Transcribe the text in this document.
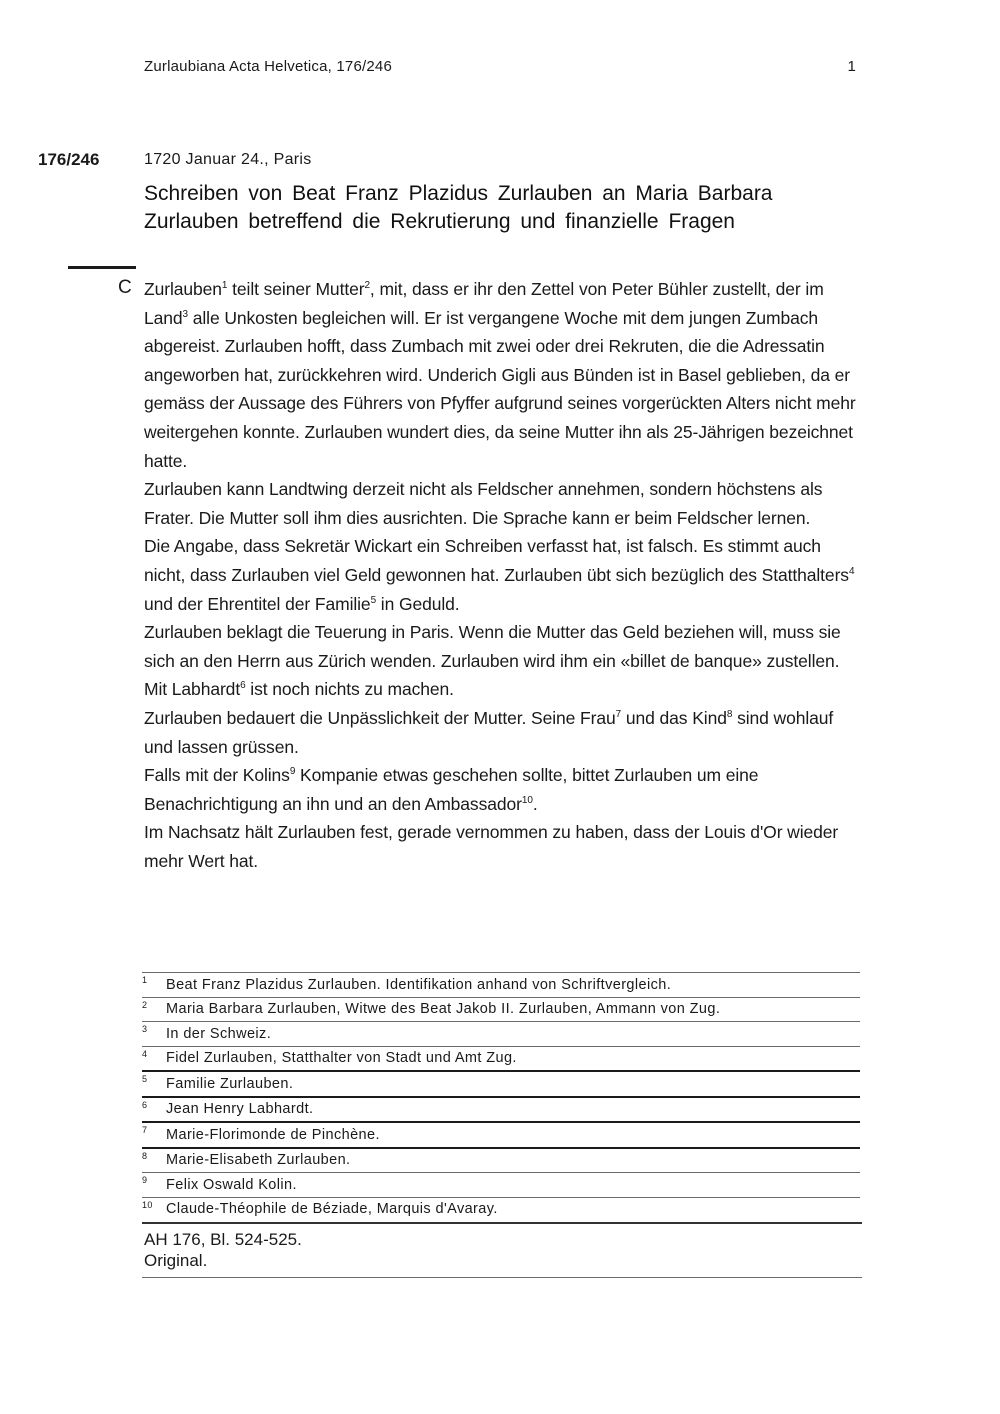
Zurlaubiana Acta Helvetica, 176/246	1
176/246	1720 Januar 24., Paris
Schreiben von Beat Franz Plazidus Zurlauben an Maria Barbara Zurlauben betreffend die Rekrutierung und finanzielle Fragen
C Zurlauben$^1$ teilt seiner Mutter$^2$, mit, dass er ihr den Zettel von Peter Bühler zustellt, der im Land$^3$ alle Unkosten begleichen will. Er ist vergangene Woche mit dem jungen Zumbach abgereist. Zurlauben hofft, dass Zumbach mit zwei oder drei Rekruten, die die Adressatin angeworben hat, zurückkehren wird. Underich Gigli aus Bünden ist in Basel geblieben, da er gemäss der Aussage des Führers von Pfyffer aufgrund seines vorgerückten Alters nicht mehr weitergehen konnte. Zurlauben wundert dies, da seine Mutter ihn als 25-Jährigen bezeichnet hatte.

Zurlauben kann Landtwing derzeit nicht als Feldscher annehmen, sondern höchstens als Frater. Die Mutter soll ihm dies ausrichten. Die Sprache kann er beim Feldscher lernen.

Die Angabe, dass Sekretär Wickart ein Schreiben verfasst hat, ist falsch. Es stimmt auch nicht, dass Zurlauben viel Geld gewonnen hat. Zurlauben übt sich bezüglich des Statthalters$^4$ und der Ehrentitel der Familie$^5$ in Geduld.

Zurlauben beklagt die Teuerung in Paris. Wenn die Mutter das Geld beziehen will, muss sie sich an den Herrn aus Zürich wenden. Zurlauben wird ihm ein «billet de banque» zustellen. Mit Labhardt$^6$ ist noch nichts zu machen.

Zurlauben bedauert die Unpässlichkeit der Mutter. Seine Frau$^7$ und das Kind$^8$ sind wohlauf und lassen grüssen.

Falls mit der Kolins$^9$ Kompanie etwas geschehen sollte, bittet Zurlauben um eine Benachrichtigung an ihn und an den Ambassador$^{10}$.

Im Nachsatz hält Zurlauben fest, gerade vernommen zu haben, dass der Louis d'Or wieder mehr Wert hat.

1	Beat Franz Plazidus Zurlauben. Identifikation anhand von Schriftvergleich.
2	Maria Barbara Zurlauben, Witwe des Beat Jakob II. Zurlauben, Ammann von Zug.
3	In der Schweiz.
4	Fidel Zurlauben, Statthalter von Stadt und Amt Zug.
5	Familie Zurlauben.
6	Jean Henry Labhardt.
7	Marie-Florimonde de Pinchène.
8	Marie-Elisabeth Zurlauben.
9	Felix Oswald Kolin.
10 Claude-Théophile de Béziade, Marquis d'Avaray.
AH 176, Bl. 524-525.
Original.
